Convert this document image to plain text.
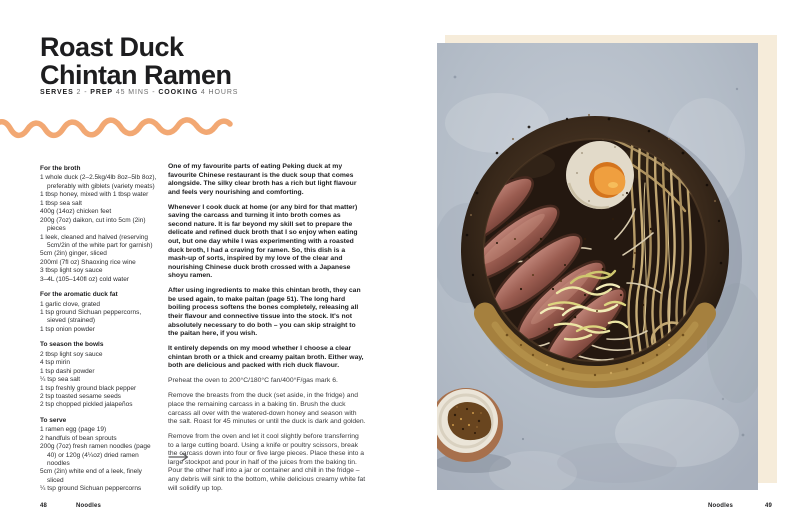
Roast Duck
Chintan Ramen
SERVES 2 - PREP 45 MINS - COOKING 4 HOURS
For the broth
1 whole duck (2–2.5kg/4lb 8oz–5lb 8oz), preferably with giblets (variety meats)
1 tbsp honey, mixed with 1 tbsp water
1 tbsp sea salt
400g (14oz) chicken feet
200g (7oz) daikon, cut into 5cm (2in) pieces
1 leek, cleaned and halved (reserving 5cm/2in of the white part for garnish)
5cm (2in) ginger, sliced
200ml (7fl oz) Shaoxing rice wine
3 tbsp light soy sauce
3–4L (105–140fl oz) cold water
For the aromatic duck fat
1 garlic clove, grated
1 tsp ground Sichuan peppercorns, sieved (strained)
1 tsp onion powder
To season the bowls
2 tbsp light soy sauce
4 tsp mirin
1 tsp dashi powder
¼ tsp sea salt
1 tsp freshly ground black pepper
2 tsp toasted sesame seeds
2 tsp chopped pickled jalapeños
To serve
1 ramen egg (page 19)
2 handfuls of bean sprouts
200g (7oz) fresh ramen noodles (page 40) or 120g (4¼oz) dried ramen noodles
5cm (2in) white end of a leek, finely sliced
¼ tsp ground Sichuan peppercorns

One of my favourite parts of eating Peking duck at my favourite Chinese restaurant is the duck soup that comes alongside. The silky clear broth has a rich but light flavour and feels very nourishing and comforting.

Whenever I cook duck at home (or any bird for that matter) saving the carcass and turning it into broth comes as second nature. It is far beyond my skill set to prepare the delicate and refined duck broth that I so enjoy when eating out, but one day while I was experimenting with a roasted duck broth, I had a craving for ramen. So, this dish is a mash-up of sorts, inspired by my love of the clear and nourishing Chinese duck broth crossed with a Japanese shoyu ramen.

After using ingredients to make this chintan broth, they can be used again, to make paitan (page 51). The long hard boiling process softens the bones completely, releasing all their flavour and connective tissue into the stock. It's not absolutely necessary to do both – you can skip straight to the paitan here, if you wish.

It entirely depends on my mood whether I choose a clear chintan broth or a thick and creamy paitan broth. Either way, both are delicious and packed with rich duck flavour.

Preheat the oven to 200°C/180°C fan/400°F/gas mark 6.

Remove the breasts from the duck (set aside, in the fridge) and place the remaining carcass in a baking tin. Brush the duck carcass all over with the watered-down honey and season with the salt. Roast for 45 minutes or until the duck is dark and golden.

Remove from the oven and let it cool slightly before transferring to a large cutting board. Using a knife or poultry scissors, break the carcass down into four or five large pieces. Place these into a large stockpot and pour in half of the juices from the baking tin. Pour the other half into a jar or container and chill in the fridge – any debris will sink to the bottom, while delicious creamy white fat will solidify up top.

48	Noodles	Noodles	49
